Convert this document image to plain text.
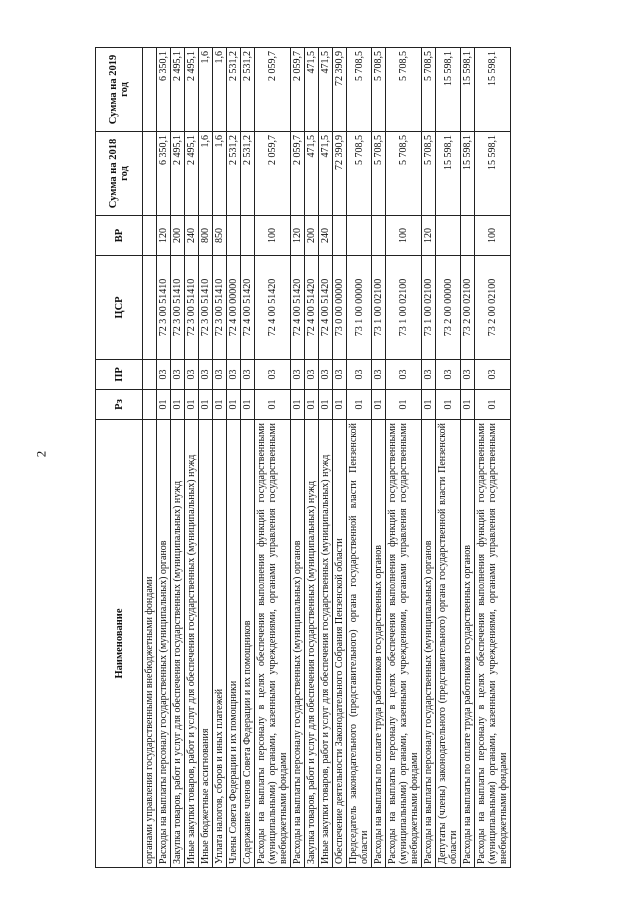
2
Наименование	Рз	ПР	ЦСР	ВР	Сумма на 2018 год	Сумма на 2019 год
органами управления государственными внебюджетными фондами						
Расходы на выплаты персоналу государственных (муниципальных) органов	01	03	72 3 00 51410	120	6 350,1	6 350,1
Закупка товаров, работ и услуг для обеспечения государственных (муниципальных) нужд	01	03	72 3 00 51410	200	2 495,1	2 495,1
Иные закупки товаров, работ и услуг для обеспечения государственных (муниципальных) нужд	01	03	72 3 00 51410	240	2 495,1	2 495,1
Иные бюджетные ассигнования	01	03	72 3 00 51410	800	1,6	1,6
Уплата налогов, сборов и иных платежей	01	03	72 3 00 51410	850	1,6	1,6
Члены Совета Федерации и их помощники	01	03	72 4 00 00000		2 531,2	2 531,2
Содержание членов Совета Федерации и их помощников	01	03	72 4 00 51420		2 531,2	2 531,2
Расходы на выплаты персоналу в целях обеспечения выполнения функций государственными (муниципальными) органами, казенными учреждениями, органами управления государственными внебюджетными фондами	01	03	72 4 00 51420	100	2 059,7	2 059,7
Расходы на выплаты персоналу государственных (муниципальных) органов	01	03	72 4 00 51420	120	2 059,7	2 059,7
Закупка товаров, работ и услуг для обеспечения государственных (муниципальных) нужд	01	03	72 4 00 51420	200	471,5	471,5
Иные закупки товаров, работ и услуг для обеспечения государственных (муниципальных) нужд	01	03	72 4 00 51420	240	471,5	471,5
Обеспечение деятельности Законодательного Собрания Пензенской области	01	03	73 0 00 00000		72 390,9	72 390,9
Председатель законодательного (представительного) органа государственной власти Пензенской области	01	03	73 1 00 00000		5 708,5	5 708,5
Расходы на выплаты по оплате труда работников государственных органов	01	03	73 1 00 02100		5 708,5	5 708,5
Расходы на выплаты персоналу в целях обеспечения выполнения функций государственными (муниципальными) органами, казенными учреждениями, органами управления государственными внебюджетными фондами	01	03	73 1 00 02100	100	5 708,5	5 708,5
Расходы на выплаты персоналу государственных (муниципальных) органов	01	03	73 1 00 02100	120	5 708,5	5 708,5
Депутаты (члены) законодательного (представительного) органа государственной власти Пензенской области	01	03	73 2 00 00000		15 598,1	15 598,1
Расходы на выплаты по оплате труда работников государственных органов	01	03	73 2 00 02100		15 598,1	15 598,1
Расходы на выплаты персоналу в целях обеспечения выполнения функций государственными (муниципальными) органами, казенными учреждениями, органами управления государственными внебюджетными фондами	01	03	73 2 00 02100	100	15 598,1	15 598,1
